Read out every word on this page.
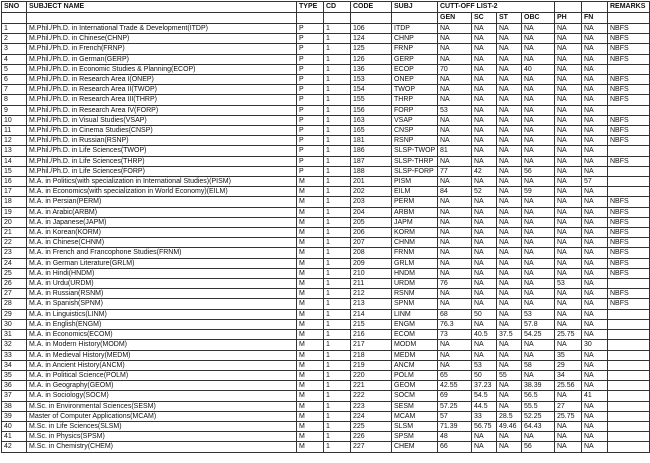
SNO	SUBJECT NAME	TYPE	CD	CODE	SUBJ	CUTT-OFF LIST-2						REMARKS
						GEN	SC	ST	OBC	PH	FN	
1	M.Phil./Ph.D. in International Trade & Development(ITDP)	P	1	106	ITDP	NA	NA	NA	NA	NA	NA	NBFS
2	M.Phil./Ph.D. in Chinese(CHNP)	P	1	124	CHNP	NA	NA	NA	NA	NA	NA	NBFS
3	M.Phil./Ph.D. in French(FRNP)	P	1	125	FRNP	NA	NA	NA	NA	NA	NA	NBFS
4	M.Phil./Ph.D. in German(GERP)	P	1	126	GERP	NA	NA	NA	NA	NA	NA	NBFS
5	M.Phil./Ph.D. in Economic Studies & Planning(ECOP)	P	1	136	ECOP	70	NA	NA	40	NA	NA	
6	M.Phil./Ph.D. in Research Area I(ONEP)	P	1	153	ONEP	NA	NA	NA	NA	NA	NA	NBFS
7	M.Phil./Ph.D. in Research Area II(TWOP)	P	1	154	TWOP	NA	NA	NA	NA	NA	NA	NBFS
8	M.Phil./Ph.D. in Research Area III(THRP)	P	1	155	THRP	NA	NA	NA	NA	NA	NA	NBFS
9	M.Phil./Ph.D. in Research Area IV(FORP)	P	1	156	FORP	53	NA	NA	NA	NA	NA	
10	M.Phil./Ph.D. in Visual Studies(VSAP)	P	1	163	VSAP	NA	NA	NA	NA	NA	NA	NBFS
11	M.Phil./Ph.D. in Cinema Studies(CNSP)	P	1	165	CNSP	NA	NA	NA	NA	NA	NA	NBFS
12	M.Phil./Ph.D. in Russian(RSNP)	P	1	181	RSNP	NA	NA	NA	NA	NA	NA	NBFS
13	M.Phil./Ph.D. in Life Sciences(TWOP)	P	1	186	SLSP-TWOP	81	NA	NA	NA	NA	NA	
14	M.Phil./Ph.D. in Life Sciences(THRP)	P	1	187	SLSP-THRP	NA	NA	NA	NA	NA	NA	NBFS
15	M.Phil./Ph.D. in Life Sciences(FORP)	P	1	188	SLSP-FORP	77	42	NA	56	NA	NA	
16	M.A. in Politics(with specialization in International Studies)(PISM)	M	1	201	PISM	NA	NA	NA	NA	NA	57	
17	M.A. in Economics(with specialization in World Economy)(EILM)	M	1	202	EILM	84	52	NA	59	NA	NA	
18	M.A. in Persian(PERM)	M	1	203	PERM	NA	NA	NA	NA	NA	NA	NBFS
19	M.A. in Arabic(ARBM)	M	1	204	ARBM	NA	NA	NA	NA	NA	NA	NBFS
20	M.A. in Japanese(JAPM)	M	1	205	JAPM	NA	NA	NA	NA	NA	NA	NBFS
21	M.A. in Korean(KORM)	M	1	206	KORM	NA	NA	NA	NA	NA	NA	NBFS
22	M.A. in Chinese(CHNM)	M	1	207	CHNM	NA	NA	NA	NA	NA	NA	NBFS
23	M.A. in French and Francophone Studies(FRNM)	M	1	208	FRNM	NA	NA	NA	NA	NA	NA	NBFS
24	M.A. in German Literature(GRLM)	M	1	209	GRLM	NA	NA	NA	NA	NA	NA	NBFS
25	M.A. in Hindi(HNDM)	M	1	210	HNDM	NA	NA	NA	NA	NA	NA	NBFS
26	M.A. in Urdu(URDM)	M	1	211	URDM	76	NA	NA	NA	53	NA	
27	M.A. in Russian(RSNM)	M	1	212	RSNM	NA	NA	NA	NA	NA	NA	NBFS
28	M.A. in Spanish(SPNM)	M	1	213	SPNM	NA	NA	NA	NA	NA	NA	NBFS
29	M.A. in Linguistics(LINM)	M	1	214	LINM	68	50	NA	53	NA	NA	
30	M.A. in English(ENGM)	M	1	215	ENGM	76.3	NA	NA	57.8	NA	NA	
31	M.A. in Economics(ECOM)	M	1	216	ECOM	73	40.5	37.5	54.25	25.75	NA	
32	M.A. in Modern History(MODM)	M	1	217	MODM	NA	NA	NA	NA	NA	30	
33	M.A. in Medieval History(MEDM)	M	1	218	MEDM	NA	NA	NA	NA	35	NA	
34	M.A. in Ancient History(ANCM)	M	1	219	ANCM	NA	53	NA	58	29	NA	
35	M.A. in Political Science(POLM)	M	1	220	POLM	65	50	55	NA	34	NA	
36	M.A. in Geography(GEOM)	M	1	221	GEOM	42.55	37.23	NA	38.39	25.56	NA	
37	M.A. in Sociology(SOCM)	M	1	222	SOCM	69	54.5	NA	56.5	NA	41	
38	M.Sc. in Environmental Sciences(SESM)	M	1	223	SESM	57.25	44.5	NA	55.5	27	NA	
39	Master of Computer Applications(MCAM)	M	1	224	MCAM	57	33	28.5	52.25	25.75	NA	
40	M.Sc. in Life Sciences(SLSM)	M	1	225	SLSM	71.39	56.75	49.46	64.43	NA	NA	
41	M.Sc. in Physics(SPSM)	M	1	226	SPSM	48	NA	NA	NA	NA	NA	
42	M.Sc. in Chemistry(CHEM)	M	1	227	CHEM	66	NA	NA	56	NA	NA	
